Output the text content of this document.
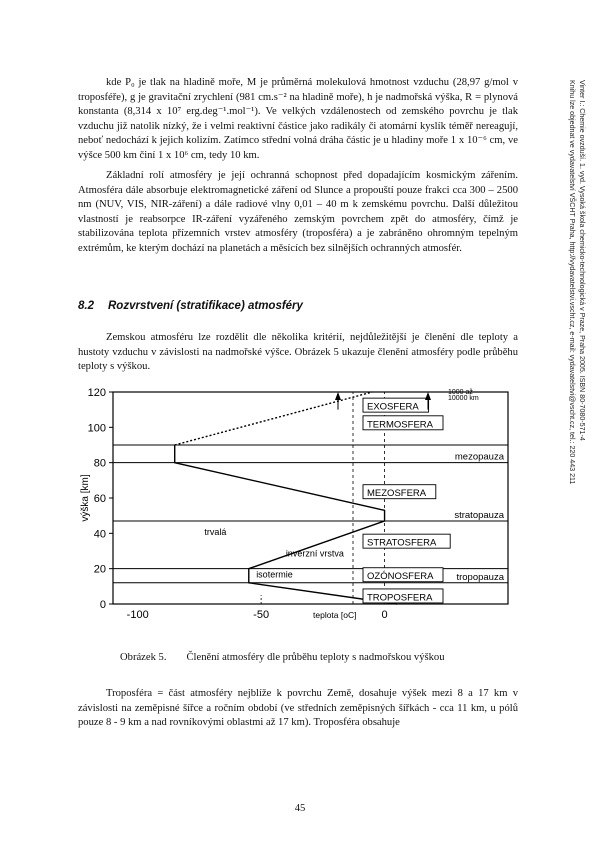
Vinter I.: Chemie ovzduší. 1. vyd. Vysoká škola chemicko-technologická v Praze, Praha 2005. ISBN 80-7080-571-4
Knihu lze objednat ve vydavatelství VŠCHT Praha, http://vydavatelstvi.vscht.cz, e-mail: vydavatelstvi@vscht.cz, tel.: 220 443 211

kde P₀ je tlak na hladině moře, M je průměrná molekulová hmotnost vzduchu (28,97 g/mol v troposféře), g je gravitační zrychlení (981 cm.s⁻² na hladině moře), h je nadmořská výška, R = plynová konstanta (8,314 x 10⁷ erg.deg⁻¹.mol⁻¹). Ve velkých vzdálenostech od zemského povrchu je tlak vzduchu již natolik nízký, že i velmi reaktivní částice jako radikály či atomární kyslík téměř nereagují, neboť nedochází k jejich kolizím. Zatímco střední volná dráha částic je u hladiny moře 1 x 10⁻⁶ cm, ve výšce 500 km činí 1 x 10⁶ cm, tedy 10 km.

Základní rolí atmosféry je její ochranná schopnost před dopadajícím kosmickým zářením. Atmosféra dále absorbuje elektromagnetické záření od Slunce a propouští pouze frakci cca 300 – 2500 nm (NUV, VIS, NIR-záření) a dále radiové vlny 0,01 – 40 m k zemskému povrchu. Další důležitou vlastností je reabsorpce IR-záření vyzářeného zemským povrchem zpět do atmosféry, čímž je stabilizována teplota přízemních vrstev atmosféry (troposféra) a je zabráněno ohromným tepelným extrémům, ke kterým dochází na planetách a měsících bez silnějších ochranných atmosfér.

8.2 Rozvrstvení (stratifikace) atmosféry

Zemskou atmosféru lze rozdělit dle několika kritérií, nejdůležitější je členění dle teploty a hustoty vzduchu v závislosti na nadmořské výšce. Obrázek 5 ukazuje členění atmosféry podle průběhu teploty s výškou.

0
20
40
60
80
100
120
-100	-50	0
teplota [oC]
výška [km]
EXOSFERA
TERMOSFERA
MEZOSFERA
STRATOSFERA
OZÓNOSFERA
TROPOSFERA
mezopauza
stratopauza
tropopauza
1000 až
10000 km
trvalá
inverzní vrstva
isotermie
Obrázek 5. Členění atmosféry dle průběhu teploty s nadmořskou výškou

Troposféra = část atmosféry nejblíže k povrchu Země, dosahuje výšek mezi 8 a 17 km v závislosti na zeměpisné šířce a ročním období (ve středních zeměpisných šířkách - cca 11 km, u pólů pouze 8 - 9 km a nad rovníkovými oblastmi až 17 km). Troposféra obsahuje

45
